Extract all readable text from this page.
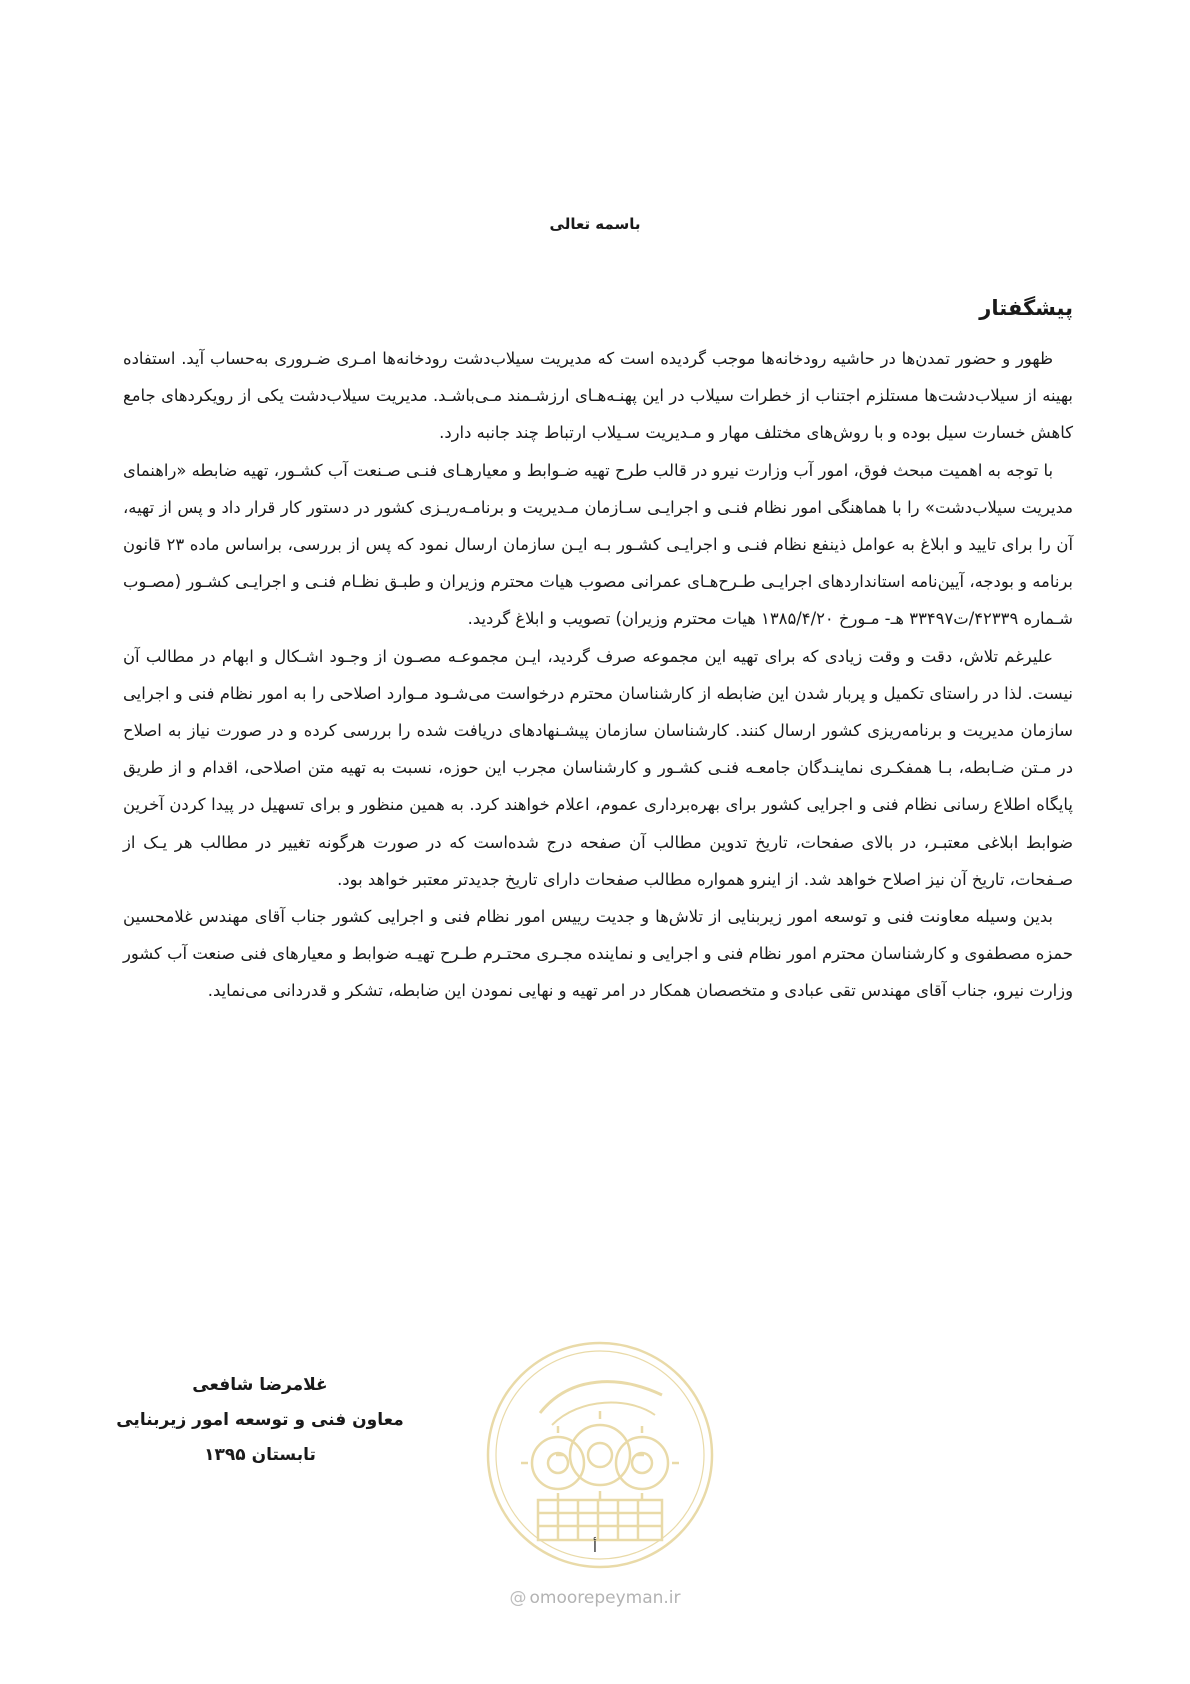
باسمه تعالی
پیشگفتار

ظهور و حضور تمدن‌ها در حاشیه رودخانه‌ها موجب گردیده است که مدیریت سیلاب‌دشت رودخانه‌ها امـری ضـروری به‌حساب آید. استفاده بهینه از سیلاب‌دشت‌ها مستلزم اجتناب از خطرات سیلاب در این پهنـه‌هـای ارزشـمند مـی‌باشـد. مدیریت سیلاب‌دشت یکی از رویکردهای جامع کاهش خسارت سیل بوده و با روش‌های مختلف مهار و مـدیریت سـیلاب ارتباط چند جانبه دارد.

با توجه به اهمیت مبحث فوق، امور آب وزارت نیرو در قالب طرح تهیه ضـوابط و معیارهـای فنـی صـنعت آب کشـور، تهیه ضابطه «راهنمای مدیریت سیلاب‌دشت» را با هماهنگی امور نظام فنـی و اجرایـی سـازمان مـدیریت و برنامـه‌ریـزی کشور در دستور کار قرار داد و پس از تهیه، آن را برای تایید و ابلاغ به عوامل ذینفع نظام فنـی و اجرایـی کشـور بـه ایـن سازمان ارسال نمود که پس از بررسی، براساس ماده ۲۳ قانون برنامه و بودجه، آیین‌نامه استانداردهای اجرایـی طـرح‌هـای عمرانی مصوب هیات محترم وزیران و طبـق نظـام فنـی و اجرایـی کشـور (مصـوب شـماره ۴۲۳۳۹/ت۳۳۴۹۷ هـ- مـورخ ۱۳۸۵/۴/۲۰ هیات محترم وزیران) تصویب و ابلاغ گردید.

علیرغم تلاش، دقت و وقت زیادی که برای تهیه این مجموعه صرف گردید، ایـن مجموعـه مصـون از وجـود اشـکال و ابهام در مطالب آن نیست. لذا در راستای تکمیل و پربار شدن این ضابطه از کارشناسان محترم درخواست می‌شـود مـوارد اصلاحی را به امور نظام فنی و اجرایی سازمان مدیریت و برنامه‌ریزی کشور ارسال کنند. کارشناسان سازمان پیشـنهادهای دریافت شده را بررسی کرده و در صورت نیاز به اصلاح در مـتن ضـابطه، بـا همفکـری نماینـدگان جامعـه فنـی کشـور و کارشناسان مجرب این حوزه، نسبت به تهیه متن اصلاحی، اقدام و از طریق پایگاه اطلاع رسانی نظام فنی و اجرایی کشور برای بهره‌برداری عموم، اعلام خواهند کرد. به همین منظور و برای تسهیل در پیدا کردن آخرین ضوابط ابلاغی معتبـر، در بالای صفحات، تاریخ تدوین مطالب آن صفحه درج شده‌است که در صورت هرگونه تغییر در مطالب هر یـک از صـفحات، تاریخ آن نیز اصلاح خواهد شد. از اینرو همواره مطالب صفحات دارای تاریخ جدیدتر معتبر خواهد بود.

بدین وسیله معاونت فنی و توسعه امور زیربنایی از تلاش‌ها و جدیت رییس امور نظام فنی و اجرایی کشور جناب آقای مهندس غلامحسین حمزه مصطفوی و کارشناسان محترم امور نظام فنی و اجرایی و نماینده مجـری محتـرم طـرح تهیـه ضوابط و معیارهای فنی صنعت آب کشور وزارت نیرو، جناب آقای مهندس تقی عبادی و متخصصان همکار در امر تهیه و نهایی نمودن این ضابطه، تشکر و قدردانی می‌نماید.

غلامرضا شافعی
معاون فنی و توسعه امور زیربنایی
تابستان ۱۳۹۵
أ
@ omoorepeyman.ir
